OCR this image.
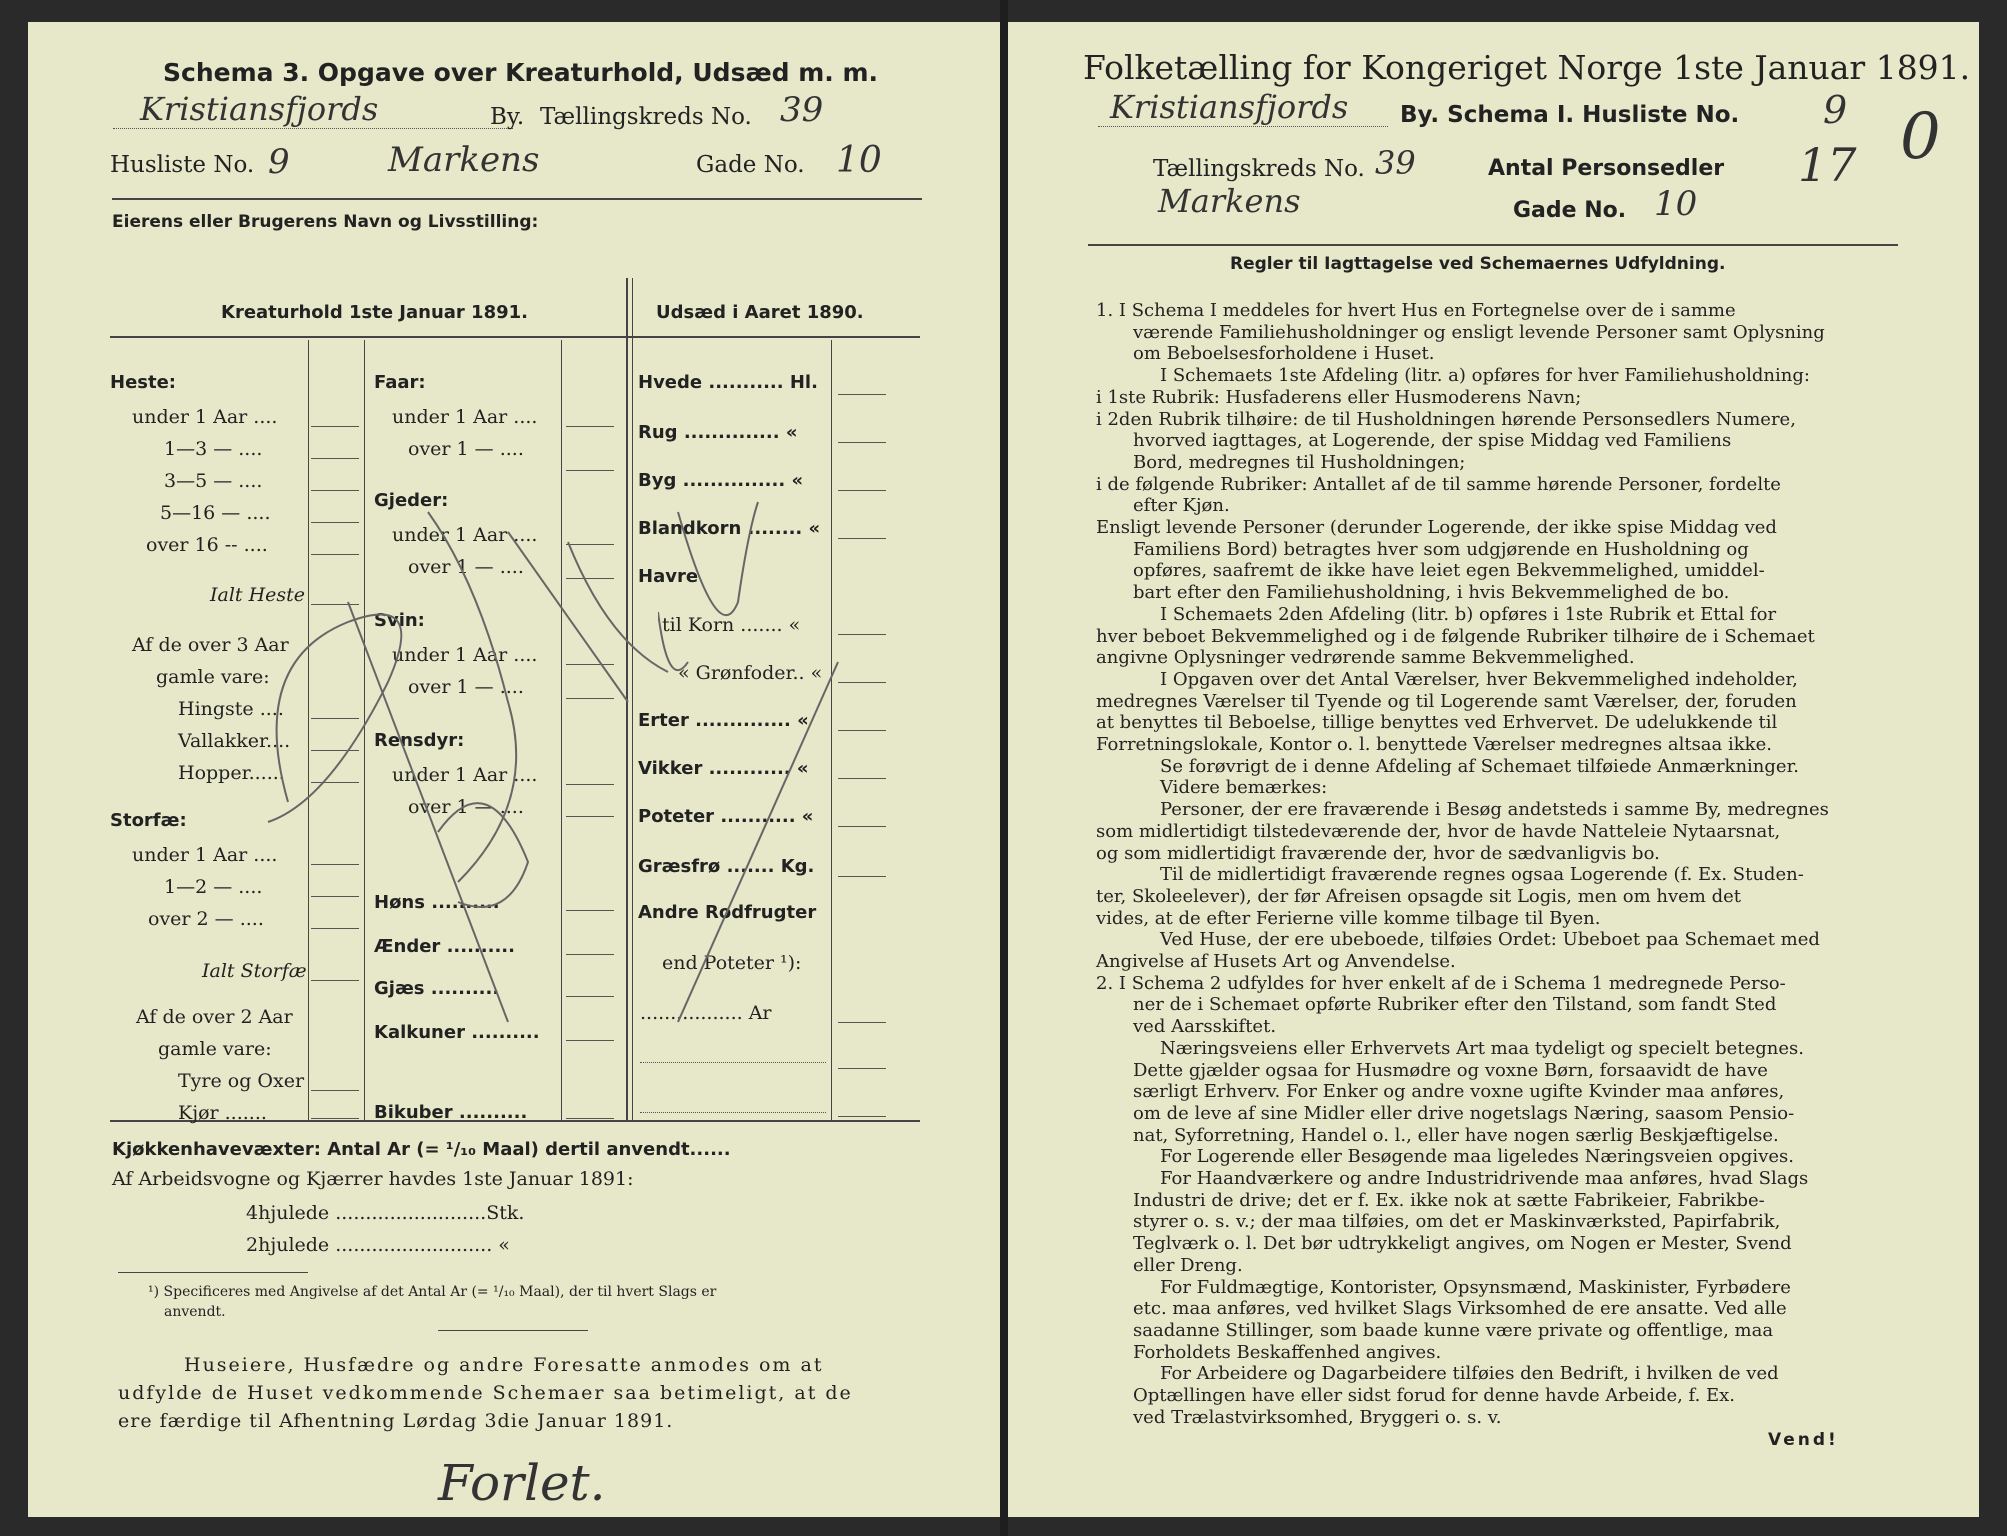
Schema 3. Opgave over Kreaturhold, Udsæd m. m.
Kristiansfjords	By. Tællingskreds No. 39
Husliste No. 9	Markens	Gade No. 10
Eierens eller Brugerens Navn og Livsstilling:
Kreaturhold 1ste Januar 1891.	Udsæd i Aaret 1890.
Heste:
under 1 Aar ....
1—3 — ....
3—5 — ....
5—16 — ....
over 16 -- ....
Ialt Heste
Af de over 3 Aar
gamle vare:
Hingste ....
Vallakker....
Hopper......
Storfæ:
under 1 Aar ....
1—2 — ....
over 2 — ....
Ialt Storfæ
Af de over 2 Aar
gamle vare:
Tyre og Oxer
Kjør .......
Faar:
under 1 Aar ....
over 1 — ....
Gjeder:
under 1 Aar ....
over 1 — ....
Svin:
under 1 Aar ....
over 1 — ....
Rensdyr:
under 1 Aar ....
over 1 — ....
Høns ..........
Ænder ..........
Gjæs ..........
Kalkuner ..........
Bikuber ..........
Hvede ........... Hl.
Rug .............. «
Byg ............... «
Blandkorn ........ «
Havre
til Korn ....... «
« Grønfoder.. «
Erter .............. «
Vikker ............ «
Poteter ........... «
Græsfrø ....... Kg.
Andre Rodfrugter
end Poteter ¹):
................. Ar
Kjøkkenhavevæxter: Antal Ar (= ¹/₁₀ Maal) dertil anvendt......
Af Arbeidsvogne og Kjærrer havdes 1ste Januar 1891:
4hjulede .........................Stk.
2hjulede .......................... «
¹) Specificeres med Angivelse af det Antal Ar (= ¹/₁₀ Maal), der til hvert Slags er
anvendt.
Huseiere, Husfædre og andre Foresatte anmodes om at
udfylde de Huset vedkommende Schemaer saa betimeligt, at de
ere færdige til Afhentning Lørdag 3die Januar 1891.
Forlet.
Folketælling for Kongeriget Norge 1ste Januar 1891.
Kristiansfjords By. Schema I. Husliste No. 9 0
Tællingskreds No. 39	Antal Personsedler 17
Markens	Gade No. 10
Regler til Iagttagelse ved Schemaernes Udfyldning.

1. I Schema I meddeles for hvert Hus en Fortegnelse over de i samme

værende Familiehusholdninger og ensligt levende Personer samt Oplysning

om Beboelsesforholdene i Huset.

I Schemaets 1ste Afdeling (litr. a) opføres for hver Familiehusholdning:

i 1ste Rubrik: Husfaderens eller Husmoderens Navn;

i 2den Rubrik tilhøire: de til Husholdningen hørende Personsedlers Numere,

hvorved iagttages, at Logerende, der spise Middag ved Familiens

Bord, medregnes til Husholdningen;

i de følgende Rubriker: Antallet af de til samme hørende Personer, fordelte

efter Kjøn.

Ensligt levende Personer (derunder Logerende, der ikke spise Middag ved

Familiens Bord) betragtes hver som udgjørende en Husholdning og

opføres, saafremt de ikke have leiet egen Bekvemmelighed, umiddel-

bart efter den Familiehusholdning, i hvis Bekvemmelighed de bo.

I Schemaets 2den Afdeling (litr. b) opføres i 1ste Rubrik et Ettal for

hver beboet Bekvemmelighed og i de følgende Rubriker tilhøire de i Schemaet

angivne Oplysninger vedrørende samme Bekvemmelighed.

I Opgaven over det Antal Værelser, hver Bekvemmelighed indeholder,

medregnes Værelser til Tyende og til Logerende samt Værelser, der, foruden

at benyttes til Beboelse, tillige benyttes ved Erhvervet. De udelukkende til

Forretningslokale, Kontor o. l. benyttede Værelser medregnes altsaa ikke.

Se forøvrigt de i denne Afdeling af Schemaet tilføiede Anmærkninger.

Videre bemærkes:

Personer, der ere fraværende i Besøg andetsteds i samme By, medregnes

som midlertidigt tilstedeværende der, hvor de havde Natteleie Nytaarsnat,

og som midlertidigt fraværende der, hvor de sædvanligvis bo.

Til de midlertidigt fraværende regnes ogsaa Logerende (f. Ex. Studen-

ter, Skoleelever), der før Afreisen opsagde sit Logis, men om hvem det

vides, at de efter Ferierne ville komme tilbage til Byen.

Ved Huse, der ere ubeboede, tilføies Ordet: Ubeboet paa Schemaet med

Angivelse af Husets Art og Anvendelse.

2. I Schema 2 udfyldes for hver enkelt af de i Schema 1 medregnede Perso-

ner de i Schemaet opførte Rubriker efter den Tilstand, som fandt Sted

ved Aarsskiftet.

Næringsveiens eller Erhvervets Art maa tydeligt og specielt betegnes.

Dette gjælder ogsaa for Husmødre og voxne Børn, forsaavidt de have

særligt Erhverv. For Enker og andre voxne ugifte Kvinder maa anføres,

om de leve af sine Midler eller drive nogetslags Næring, saasom Pensio-

nat, Syforretning, Handel o. l., eller have nogen særlig Beskjæftigelse.

For Logerende eller Besøgende maa ligeledes Næringsveien opgives.

For Haandværkere og andre Industridrivende maa anføres, hvad Slags

Industri de drive; det er f. Ex. ikke nok at sætte Fabrikeier, Fabrikbe-

styrer o. s. v.; der maa tilføies, om det er Maskinværksted, Papirfabrik,

Teglværk o. l. Det bør udtrykkeligt angives, om Nogen er Mester, Svend

eller Dreng.

For Fuldmægtige, Kontorister, Opsynsmænd, Maskinister, Fyrbødere

etc. maa anføres, ved hvilket Slags Virksomhed de ere ansatte. Ved alle

saadanne Stillinger, som baade kunne være private og offentlige, maa

Forholdets Beskaffenhed angives.

For Arbeidere og Dagarbeidere tilføies den Bedrift, i hvilken de ved

Optællingen have eller sidst forud for denne havde Arbeide, f. Ex.

ved Trælastvirksomhed, Bryggeri o. s. v.

Vend!
